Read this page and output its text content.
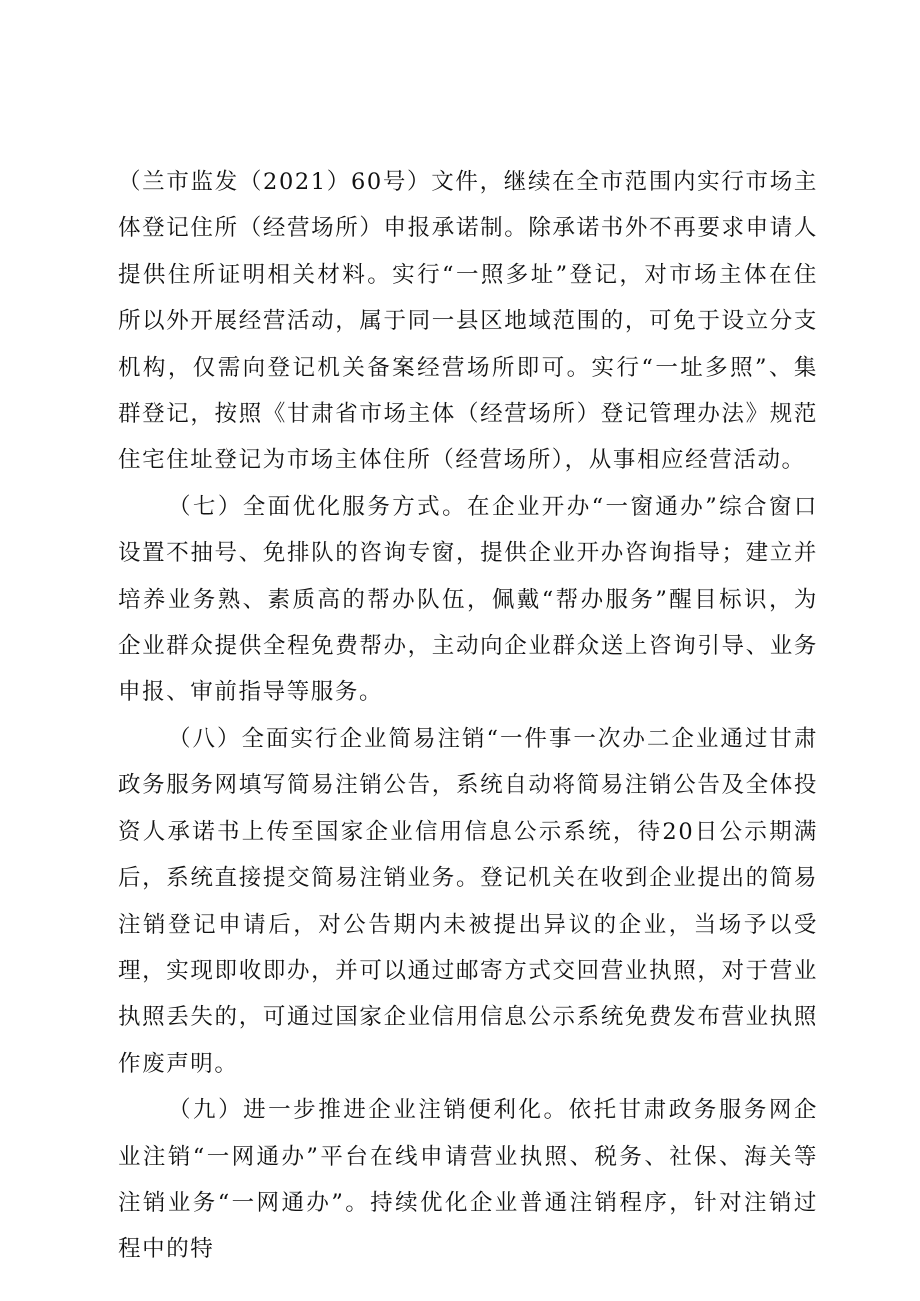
（兰市监发（2021）60号）文件，继续在全市范围内实行市场主体登记住所（经营场所）申报承诺制。除承诺书外不再要求申请人提供住所证明相关材料。实行“一照多址”登记，对市场主体在住所以外开展经营活动，属于同一县区地域范围的，可免于设立分支机构，仅需向登记机关备案经营场所即可。实行“一址多照”、集群登记，按照《甘肃省市场主体（经营场所）登记管理办法》规范住宅住址登记为市场主体住所（经营场所），从事相应经营活动。

（七）全面优化服务方式。在企业开办“一窗通办”综合窗口设置不抽号、免排队的咨询专窗，提供企业开办咨询指导；建立并培养业务熟、素质高的帮办队伍，佩戴“帮办服务”醒目标识，为企业群众提供全程免费帮办，主动向企业群众送上咨询引导、业务申报、审前指导等服务。

（八）全面实行企业简易注销“一件事一次办二企业通过甘肃政务服务网填写简易注销公告，系统自动将简易注销公告及全体投资人承诺书上传至国家企业信用信息公示系统，待20日公示期满后，系统直接提交简易注销业务。登记机关在收到企业提出的简易注销登记申请后，对公告期内未被提出异议的企业，当场予以受理，实现即收即办，并可以通过邮寄方式交回营业执照，对于营业执照丢失的，可通过国家企业信用信息公示系统免费发布营业执照作废声明。

（九）进一步推进企业注销便利化。依托甘肃政务服务网企业注销“一网通办”平台在线申请营业执照、税务、社保、海关等注销业务“一网通办”。持续优化企业普通注销程序，针对注销过程中的特
